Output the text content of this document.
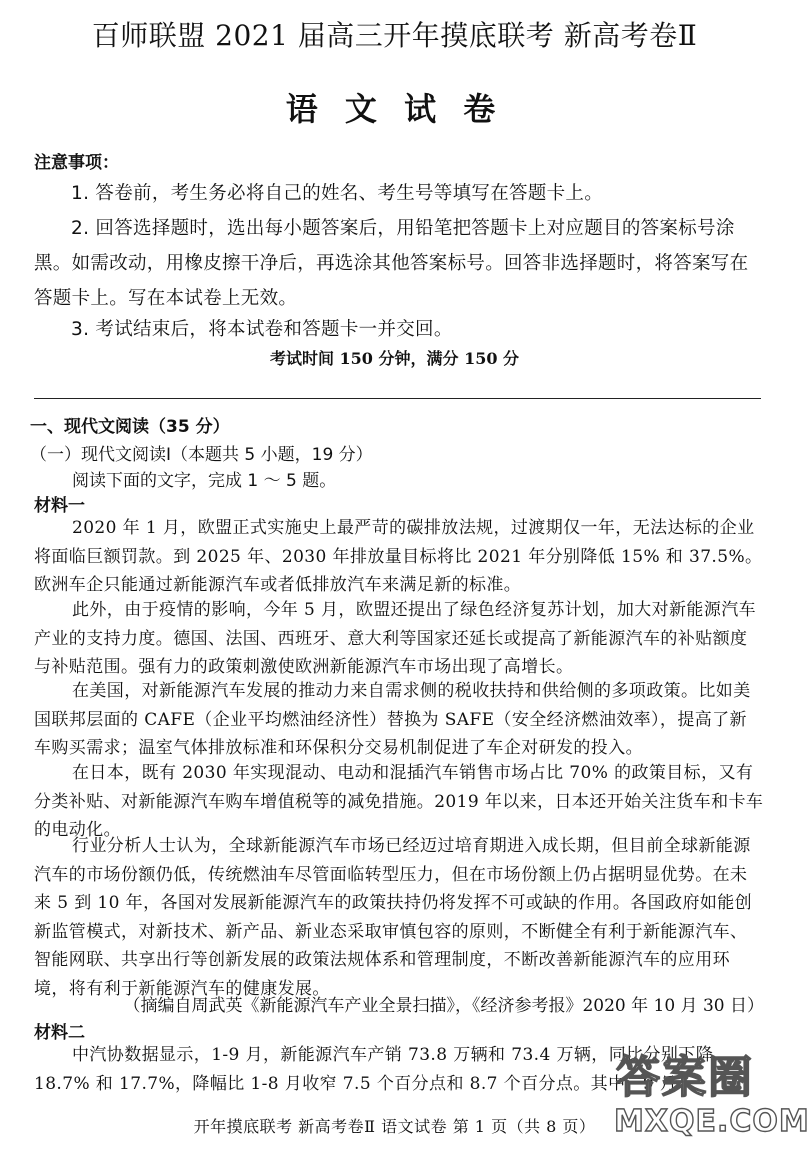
百师联盟 2021 届高三开年摸底联考 新高考卷Ⅱ
语 文 试 卷
注意事项：
1. 答卷前，考生务必将自己的姓名、考生号等填写在答题卡上。
2. 回答选择题时，选出每小题答案后，用铅笔把答题卡上对应题目的答案标号涂黑。如需改动，用橡皮擦干净后，再选涂其他答案标号。回答非选择题时，将答案写在答题卡上。写在本试卷上无效。
3. 考试结束后，将本试卷和答题卡一并交回。
考试时间 150 分钟，满分 150 分
一、现代文阅读（35 分）
（一）现代文阅读Ⅰ（本题共 5 小题，19 分）
阅读下面的文字，完成 1 ～ 5 题。
材料一
2020 年 1 月，欧盟正式实施史上最严苛的碳排放法规，过渡期仅一年，无法达标的企业将面临巨额罚款。到 2025 年、2030 年排放量目标将比 2021 年分别降低 15% 和 37.5%。欧洲车企只能通过新能源汽车或者低排放汽车来满足新的标准。
此外，由于疫情的影响，今年 5 月，欧盟还提出了绿色经济复苏计划，加大对新能源汽车产业的支持力度。德国、法国、西班牙、意大利等国家还延长或提高了新能源汽车的补贴额度与补贴范围。强有力的政策刺激使欧洲新能源汽车市场出现了高增长。
在美国，对新能源汽车发展的推动力来自需求侧的税收扶持和供给侧的多项政策。比如美国联邦层面的 CAFE（企业平均燃油经济性）替换为 SAFE（安全经济燃油效率），提高了新车购买需求；温室气体排放标准和环保积分交易机制促进了车企对研发的投入。
在日本，既有 2030 年实现混动、电动和混插汽车销售市场占比 70% 的政策目标，又有分类补贴、对新能源汽车购车增值税等的减免措施。2019 年以来，日本还开始关注货车和卡车的电动化。
行业分析人士认为，全球新能源汽车市场已经迈过培育期进入成长期，但目前全球新能源汽车的市场份额仍低，传统燃油车尽管面临转型压力，但在市场份额上仍占据明显优势。在未来 5 到 10 年，各国对发展新能源汽车的政策扶持仍将发挥不可或缺的作用。各国政府如能创新监管模式，对新技术、新产品、新业态采取审慎包容的原则，不断健全有利于新能源汽车、智能网联、共享出行等创新发展的政策法规体系和管理制度，不断改善新能源汽车的应用环境，将有利于新能源汽车的健康发展。
（摘编自周武英《新能源汽车产业全景扫描》，《经济参考报》2020 年 10 月 30 日）
材料二
中汽协数据显示，1-9 月，新能源汽车产销 73.8 万辆和 73.4 万辆，同比分别下降 18.7% 和 17.7%，降幅比 1-8 月收窄 7.5 个百分点和 8.7 个百分点。其中，9 月
开年摸底联考 新高考卷Ⅱ 语文试卷 第 1 页（共 8 页）
答案圈
MXQE.COM
